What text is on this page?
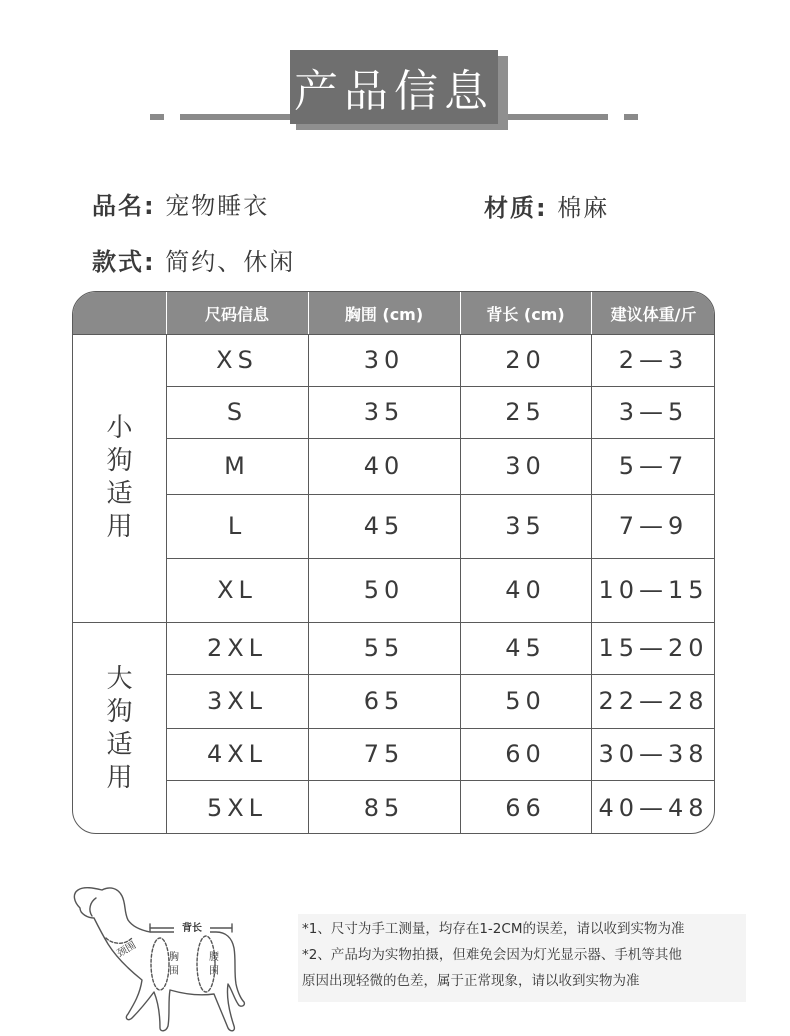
产品信息
品名: 宠物睡衣	材质: 棉麻
款式: 简约、休闲
尺码信息	胸围 (cm)	背长 (cm)	建议体重/斤
小
狗
适
用
大
狗
适
用
XS	30	20	2—3
S	35	25	3—5
M	40	30	5—7
L	45	35	7—9
XL	50	40	10—15
2XL	55	45	15—20
3XL	65	50	22—28
4XL	75	60	30—38
5XL	85	66	40—48
背长
颈围	胸
围
腰
围
*1、尺寸为手工测量，均存在1-2CM的误差，请以收到实物为准
*2、产品均为实物拍摄，但难免会因为灯光显示器、手机等其他
原因出现轻微的色差，属于正常现象，请以收到实物为准
